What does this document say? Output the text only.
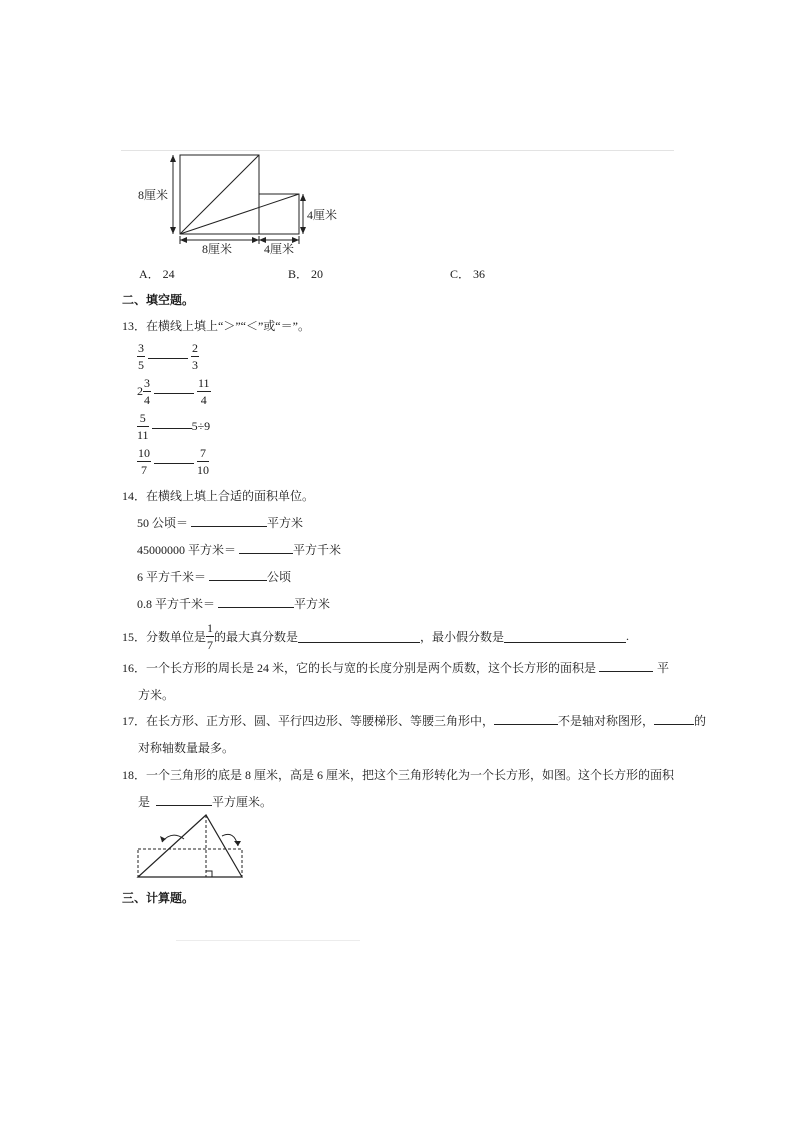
8厘米
4厘米
8厘米	4厘米
A． 24	B． 20	C． 36
二、填空题。
13．在横线上填上“＞”“＜”或“＝”。
$\frac{3}{5}$
	$\frac{2}{3}$
$2 \frac{3}{4}$
	$\frac{11}{4}$
$\frac{5}{11}$	5÷9
$\frac{10}{7}$
	$\frac{7}{10}$
14．在横线上填上合适的面积单位。
50 公顷＝	平方米
45000000 平方米＝	平方千米
6 平方千米＝	公顷
0.8 平方千米＝	平方米
15．分数单位是 $\frac{1}{7}$ 的最大真分数是	，最小假分数是	.
16．一个长方形的周长是 24 米，它的长与宽的长度分别是两个质数，这个长方形的面积是	平
方米。
17．在长方形、正方形、圆、平行四边形、等腰梯形、等腰三角形中，	不是轴对称图形，	的
对称轴数量最多。
18．一个三角形的底是 8 厘米，高是 6 厘米，把这个三角形转化为一个长方形，如图。这个长方形的面积
是	平方厘米。
三、计算题。
